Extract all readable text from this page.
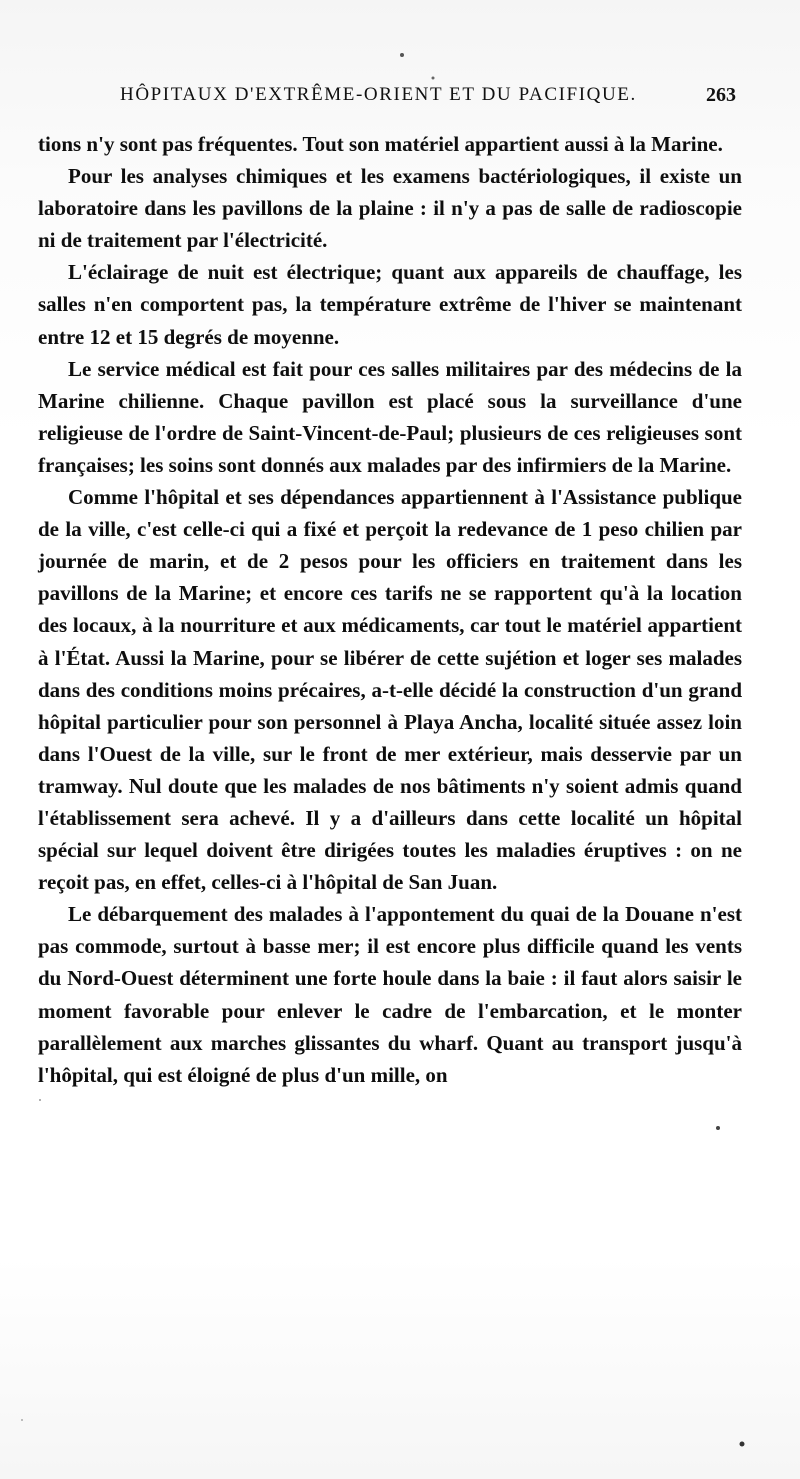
HÔPITAUX D'EXTRÊME-ORIENT ET DU PACIFIQUE.	263

tions n'y sont pas fréquentes. Tout son matériel appartient aussi à la Marine.

Pour les analyses chimiques et les examens bactériologiques, il existe un laboratoire dans les pavillons de la plaine : il n'y a pas de salle de radioscopie ni de traitement par l'électricité.

L'éclairage de nuit est électrique; quant aux appareils de chauffage, les salles n'en comportent pas, la température extrême de l'hiver se maintenant entre 12 et 15 degrés de moyenne.

Le service médical est fait pour ces salles militaires par des médecins de la Marine chilienne. Chaque pavillon est placé sous la surveillance d'une religieuse de l'ordre de Saint-Vincent-de-Paul; plusieurs de ces religieuses sont françaises; les soins sont donnés aux malades par des infirmiers de la Marine.

Comme l'hôpital et ses dépendances appartiennent à l'Assistance publique de la ville, c'est celle-ci qui a fixé et perçoit la redevance de 1 peso chilien par journée de marin, et de 2 pesos pour les officiers en traitement dans les pavillons de la Marine; et encore ces tarifs ne se rapportent qu'à la location des locaux, à la nourriture et aux médicaments, car tout le matériel appartient à l'État. Aussi la Marine, pour se libérer de cette sujétion et loger ses malades dans des conditions moins précaires, a-t-elle décidé la construction d'un grand hôpital particulier pour son personnel à Playa Ancha, localité située assez loin dans l'Ouest de la ville, sur le front de mer extérieur, mais desservie par un tramway. Nul doute que les malades de nos bâtiments n'y soient admis quand l'établissement sera achevé. Il y a d'ailleurs dans cette localité un hôpital spécial sur lequel doivent être dirigées toutes les maladies éruptives : on ne reçoit pas, en effet, celles-ci à l'hôpital de San Juan.

Le débarquement des malades à l'appontement du quai de la Douane n'est pas commode, surtout à basse mer; il est encore plus difficile quand les vents du Nord-Ouest déterminent une forte houle dans la baie : il faut alors saisir le moment favorable pour enlever le cadre de l'embarcation, et le monter parallèlement aux marches glissantes du wharf. Quant au transport jusqu'à l'hôpital, qui est éloigné de plus d'un mille, on
